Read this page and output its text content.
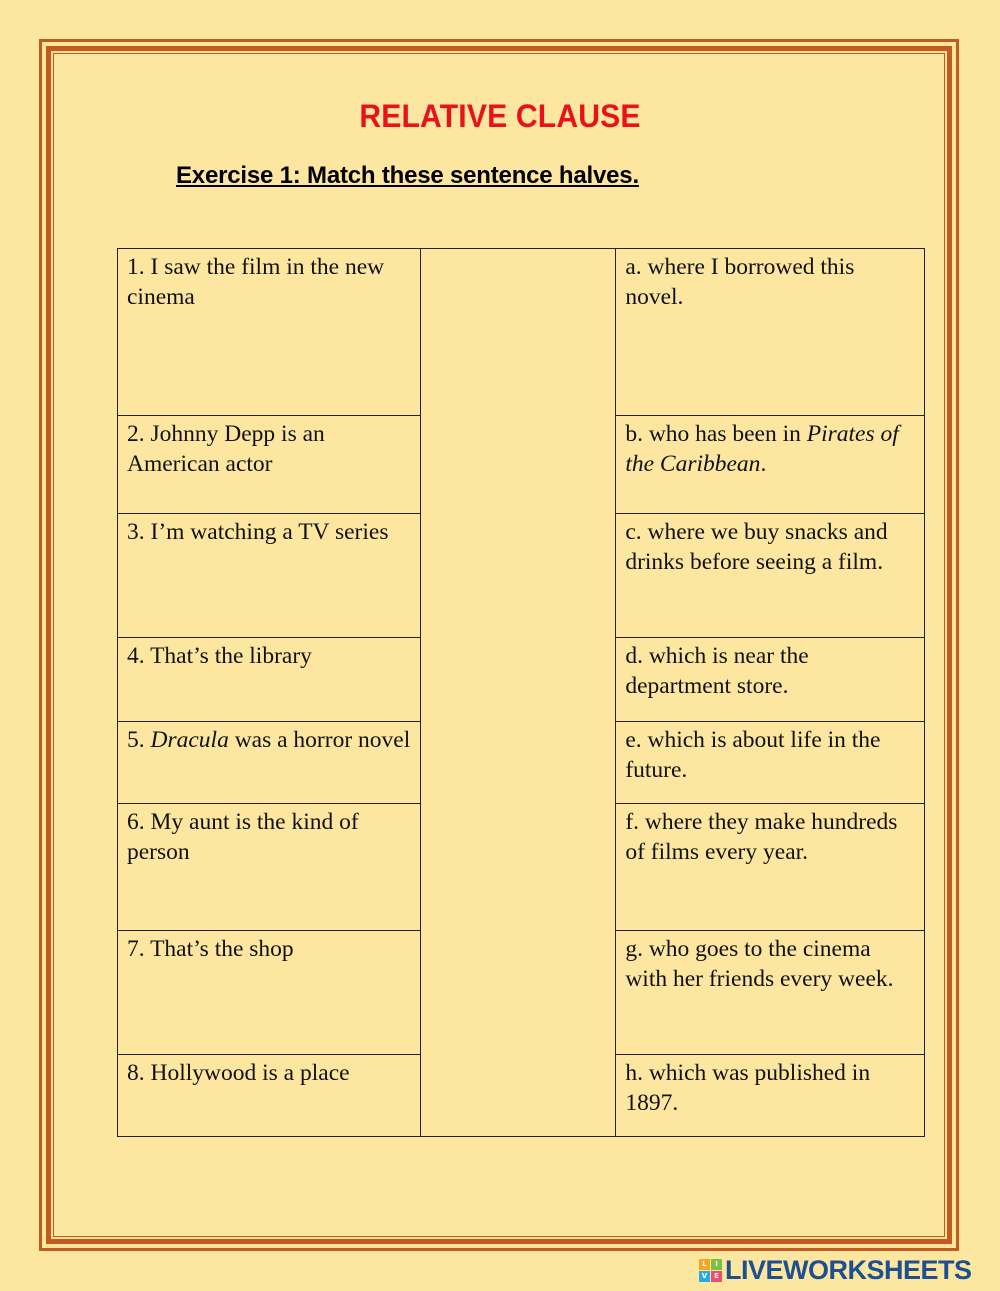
RELATIVE CLAUSE
Exercise 1: Match these sentence halves.
1. I saw the film in the new cinema		a. where I borrowed this novel.
2. Johnny Depp is an American actor		b. who has been in Pirates of the Caribbean.
3. I’m watching a TV series		c. where we buy snacks and drinks before seeing a film.
4. That’s the library		d. which is near the department store.
5. Dracula was a horror novel		e. which is about life in the future.
6. My aunt is the kind of person		f. where they make hundreds of films every year.
7. That’s the shop		g. who goes to the cinema with her friends every week.
8. Hollywood is a place		h. which was published in 1897.
L	I
V E LIVEWORKSHEETS
